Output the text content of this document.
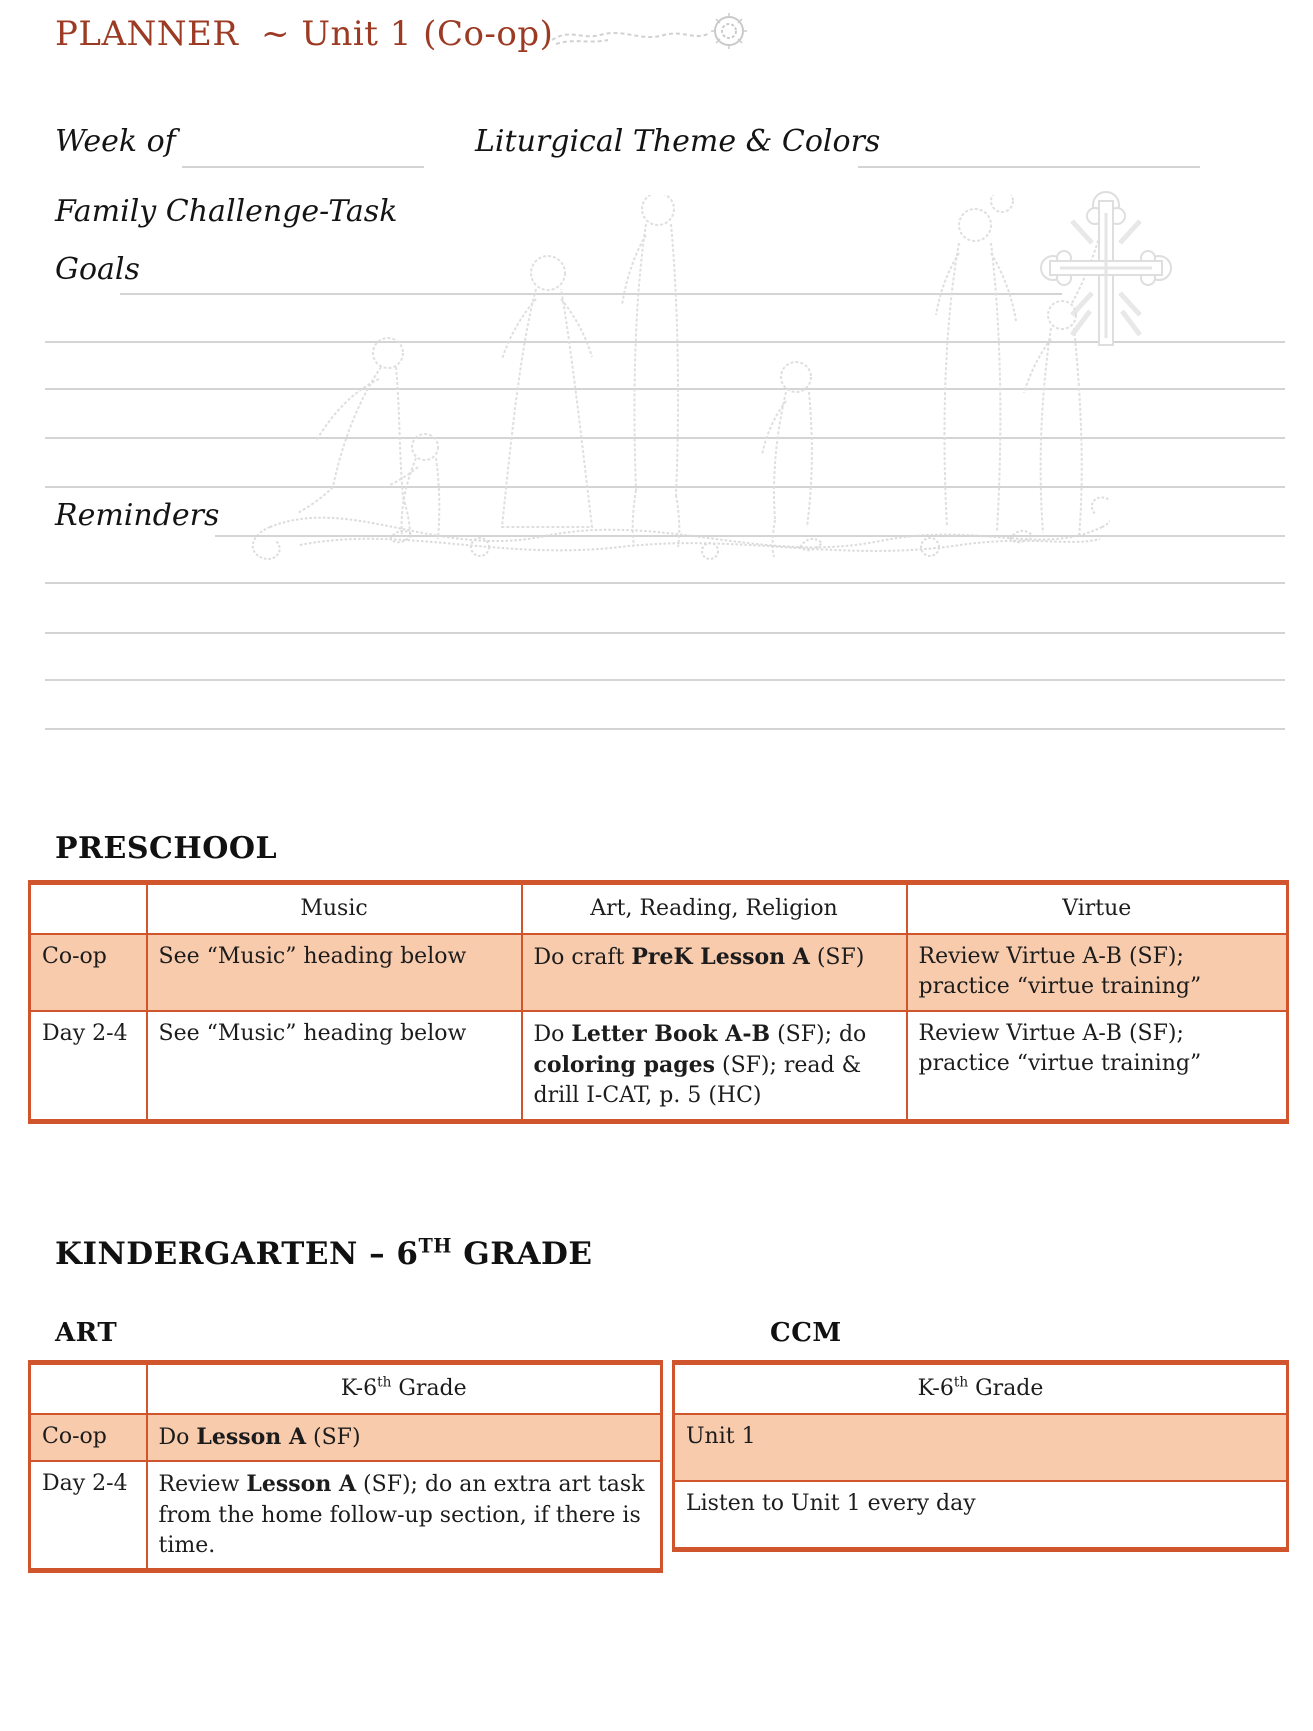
PLANNER  ~ Unit 1 (Co-op)
Week of	Liturgical Theme & Colors
Family Challenge-Task
Goals
Reminders
PRESCHOOL
	Music	Art, Reading, Religion	Virtue
Co-op	See “Music” heading below	Do craft PreK Lesson A (SF)	Review Virtue A-B (SF); practice “virtue training”
Day 2-4	See “Music” heading below	Do Letter Book A-B (SF); do coloring pages (SF); read & drill I-CAT, p. 5 (HC)	Review Virtue A-B (SF); practice “virtue training”
KINDERGARTEN – 6TH GRADE
ART	CCM
	K-6th Grade
Co-op	Do Lesson A (SF)
Day 2-4	Review Lesson A (SF); do an extra art task from the home follow-up section, if there is time.
K-6th Grade
Unit 1
Listen to Unit 1 every day
